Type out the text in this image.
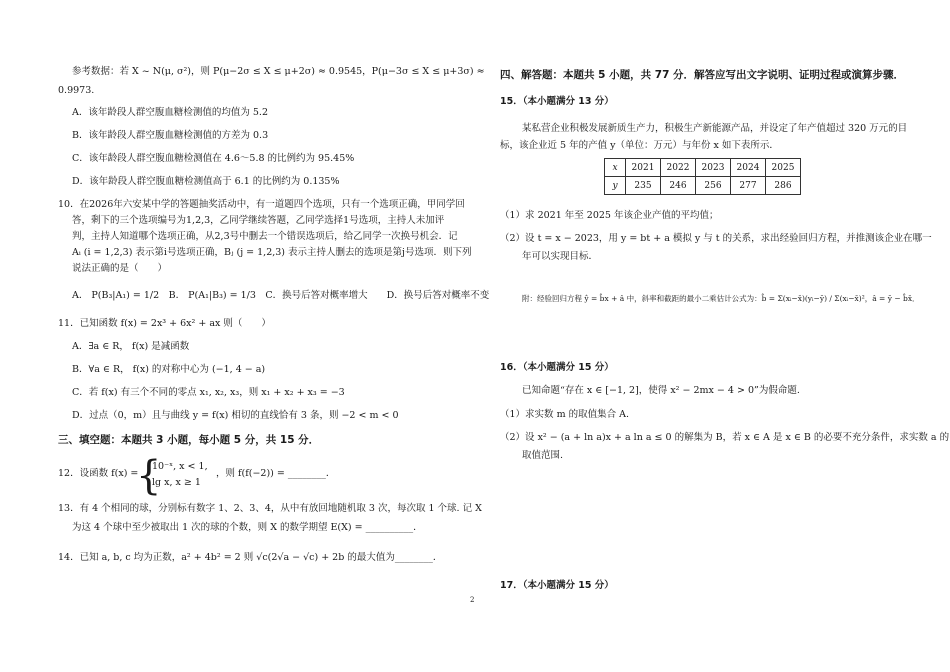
参考数据：若 X ~ N(μ, σ²)，则 P(μ−2σ ≤ X ≤ μ+2σ) ≈ 0.9545，P(μ−3σ ≤ X ≤ μ+3σ) ≈
0.9973.
A．该年龄段人群空腹血糖检测值的均值为 5.2
B．该年龄段人群空腹血糖检测值的方差为 0.3
C．该年龄段人群空腹血糖检测值在 4.6～5.8 的比例约为 95.45%
D．该年龄段人群空腹血糖检测值高于 6.1 的比例约为 0.135%
10．在2026年六安某中学的答题抽奖活动中，有一道题四个选项，只有一个选项正确，甲同学回
答，剩下的三个选项编号为1,2,3，乙同学继续答题，乙同学选择1号选项，主持人未加评
判，主持人知道哪个选项正确，从2,3号中删去一个错误选项后，给乙同学一次换号机会．记
Aᵢ (i = 1,2,3) 表示第i号选项正确，Bⱼ (j = 1,2,3) 表示主持人删去的选项是第j号选项．则下列
说法正确的是（　　）
A． P(B₃|A₁) = 1/2　B． P(A₁|B₃) = 1/3　C．换号后答对概率增大　　D．换号后答对概率不变
11．已知函数 f(x) = 2x³ + 6x² + ax 则（　　）
A．∃a ∈ R， f(x) 是减函数
B．∀a ∈ R， f(x) 的对称中心为 (−1, 4 − a)
C．若 f(x) 有三个不同的零点 x₁, x₂, x₃，则 x₁ + x₂ + x₃ = −3
D．过点（0，m）且与曲线 y = f(x) 相切的直线恰有 3 条，则 −2 < m < 0
三、填空题：本题共 3 小题，每小题 5 分，共 15 分．
12．设函数 f(x) =
{
10⁻ˣ, x < 1,
lg x, x ≥ 1
，则 f(f(−2)) = ________．
13．有 4 个相同的球，分别标有数字 1、2、3、4，从中有放回地随机取 3 次，每次取 1 个球. 记 X
为这 4 个球中至少被取出 1 次的球的个数，则 X 的数学期望 E(X) = __________．
14．已知 a, b, c 均为正数，a² + 4b² = 2 则 √c(2√a − √c) + 2b 的最大值为________．
四、解答题：本题共 5 小题，共 77 分．解答应写出文字说明、证明过程或演算步骤．
15．（本小题满分 13 分）
某私营企业积极发展新质生产力，积极生产新能源产品，并设定了年产值超过 320 万元的目
标，该企业近 5 年的产值 y（单位：万元）与年份 x 如下表所示．
x	2021	2022	2023	2024	2025
y	235	246	256	277	286
（1）求 2021 年至 2025 年该企业产值的平均值；
（2）设 t = x − 2023，用 y = bt + a 模拟 y 与 t 的关系，求出经验回归方程，并推测该企业在哪一
年可以实现目标．
附：经验回归方程 ŷ = b̂x + â 中，斜率和截距的最小二乘估计公式为：b̂ = Σ(xᵢ−x̄)(yᵢ−ȳ) / Σ(xᵢ−x̄)²，â = ȳ − b̂x̄．
16．（本小题满分 15 分）
已知命题“存在 x ∈ [−1, 2]，使得 x² − 2mx − 4 > 0”为假命题.
（1）求实数 m 的取值集合 A.
（2）设 x² − (a + ln a)x + a ln a ≤ 0 的解集为 B，若 x ∈ A 是 x ∈ B 的必要不充分条件，求实数 a 的
取值范围.
17．（本小题满分 15 分）
2
